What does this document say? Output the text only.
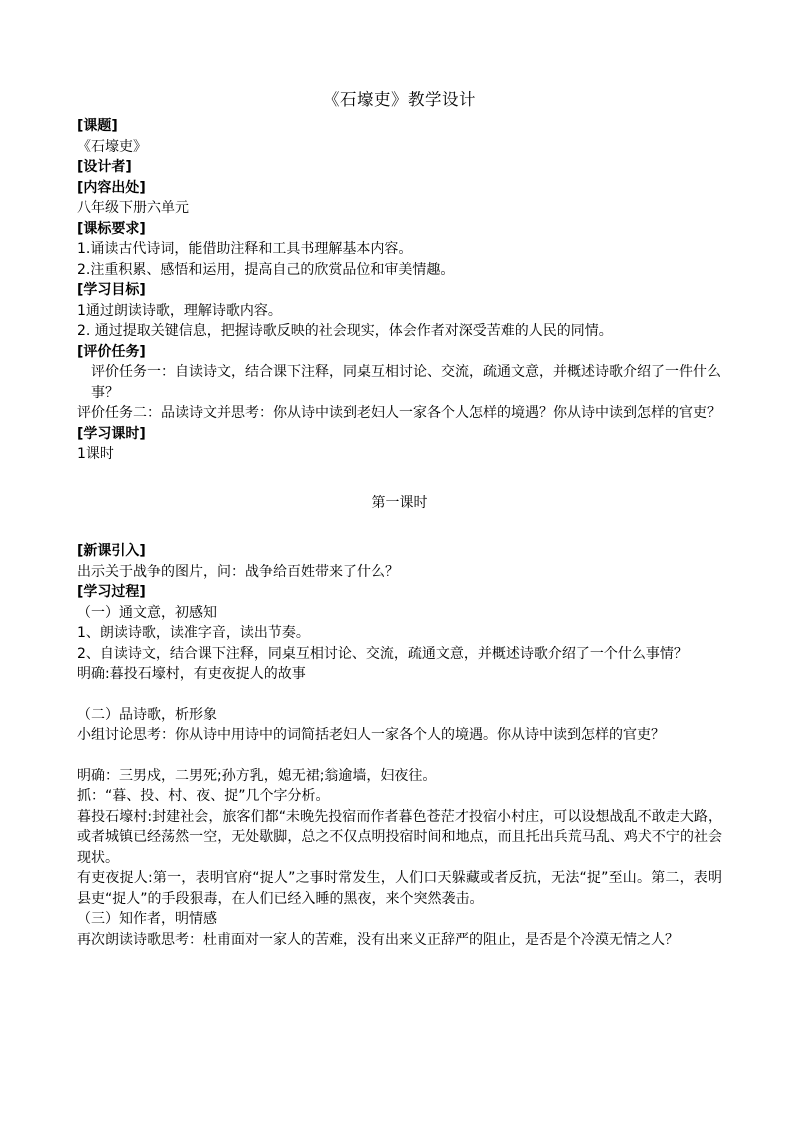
《石壕吏》教学设计
[课题]
《石壕吏》
[设计者]
[内容出处]
八年级下册六单元
[课标要求]
1.诵读古代诗词，能借助注释和工具书理解基本内容。
2.注重积累、感悟和运用，提高自己的欣赏品位和审美情趣。
[学习目标]
1通过朗读诗歌，理解诗歌内容。
2. 通过提取关键信息，把握诗歌反映的社会现实，体会作者对深受苦难的人民的同情。
[评价任务]
评价任务一：自读诗文，结合课下注释，同桌互相讨论、交流，疏通文意，并概述诗歌介绍了一件什么事？
评价任务二：品读诗文并思考：你从诗中读到老妇人一家各个人怎样的境遇？你从诗中读到怎样的官吏？
[学习课时]
1课时
第一课时
[新课引入]
出示关于战争的图片，问：战争给百姓带来了什么？
[学习过程]
（一）通文意，初感知
1、朗读诗歌，读准字音，读出节奏。
2、自读诗文，结合课下注释，同桌互相讨论、交流，疏通文意，并概述诗歌介绍了一个什么事情？
明确:暮投石壕村，有吏夜捉人的故事
（二）品诗歌，析形象
小组讨论思考：你从诗中用诗中的词简括老妇人一家各个人的境遇。你从诗中读到怎样的官吏？
明确：三男戍，二男死;孙方乳，媳无裙;翁逾墙，妇夜往。
抓：“暮、投、村、夜、捉”几个字分析。
暮投石壕村:封建社会，旅客们都“未晚先投宿而作者暮色苍茫才投宿小村庄，可以设想战乱不敢走大路，或者城镇已经荡然一空，无处歇脚，总之不仅点明投宿时间和地点，而且托出兵荒马乱、鸡犬不宁的社会现状。
有吏夜捉人:第一，表明官府“捉人”之事时常发生，人们口天躲藏或者反抗，无法“捉”至山。第二，表明县吏“捉人”的手段狠毒，在人们已经入睡的黑夜，来个突然袭击。
（三）知作者，明情感
再次朗读诗歌思考：杜甫面对一家人的苦难，没有出来义正辞严的阻止，是否是个冷漠无情之人？
